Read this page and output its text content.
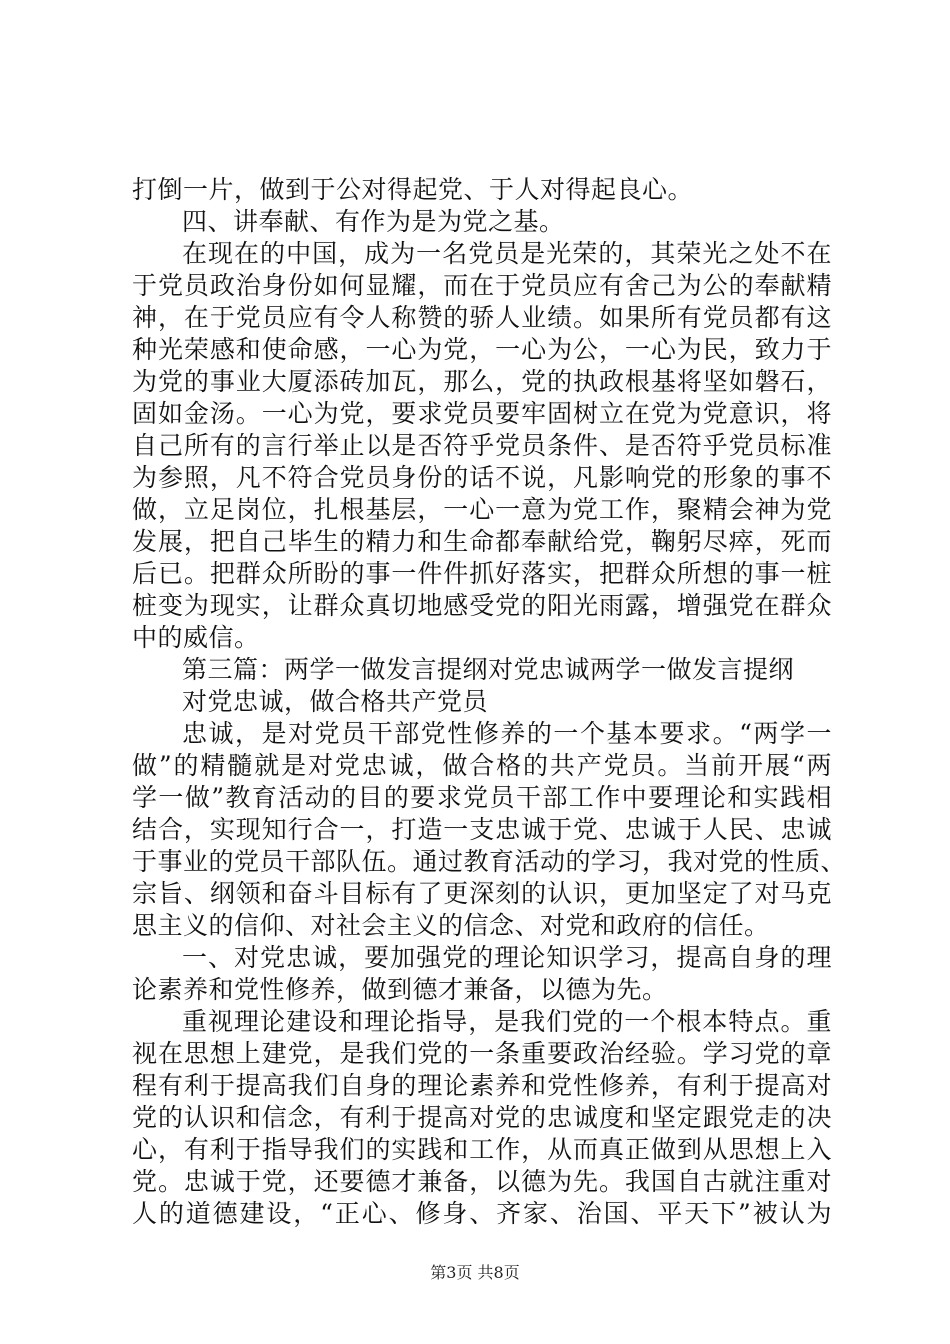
打倒一片，做到于公对得起党、于人对得起良心。
四、讲奉献、有作为是为党之基。
在现在的中国，成为一名党员是光荣的，其荣光之处不在
于党员政治身份如何显耀，而在于党员应有舍己为公的奉献精
神，在于党员应有令人称赞的骄人业绩。如果所有党员都有这
种光荣感和使命感，一心为党，一心为公，一心为民，致力于
为党的事业大厦添砖加瓦，那么，党的执政根基将坚如磐石，
固如金汤。一心为党，要求党员要牢固树立在党为党意识，将
自己所有的言行举止以是否符乎党员条件、是否符乎党员标准
为参照，凡不符合党员身份的话不说，凡影响党的形象的事不
做，立足岗位，扎根基层，一心一意为党工作，聚精会神为党
发展，把自己毕生的精力和生命都奉献给党，鞠躬尽瘁，死而
后已。把群众所盼的事一件件抓好落实，把群众所想的事一桩
桩变为现实，让群众真切地感受党的阳光雨露，增强党在群众
中的威信。
第三篇：两学一做发言提纲对党忠诚两学一做发言提纲
对党忠诚，做合格共产党员
忠诚，是对党员干部党性修养的一个基本要求。“两学一
做”的精髓就是对党忠诚，做合格的共产党员。当前开展“两
学一做”教育活动的目的要求党员干部工作中要理论和实践相
结合，实现知行合一，打造一支忠诚于党、忠诚于人民、忠诚
于事业的党员干部队伍。通过教育活动的学习，我对党的性质、
宗旨、纲领和奋斗目标有了更深刻的认识，更加坚定了对马克
思主义的信仰、对社会主义的信念、对党和政府的信任。
一、对党忠诚，要加强党的理论知识学习，提高自身的理
论素养和党性修养，做到德才兼备，以德为先。
重视理论建设和理论指导，是我们党的一个根本特点。重
视在思想上建党，是我们党的一条重要政治经验。学习党的章
程有利于提高我们自身的理论素养和党性修养，有利于提高对
党的认识和信念，有利于提高对党的忠诚度和坚定跟党走的决
心，有利于指导我们的实践和工作，从而真正做到从思想上入
党。忠诚于党，还要德才兼备，以德为先。我国自古就注重对
人的道德建设，“正心、修身、齐家、治国、平天下”被认为
第3页 共8页
